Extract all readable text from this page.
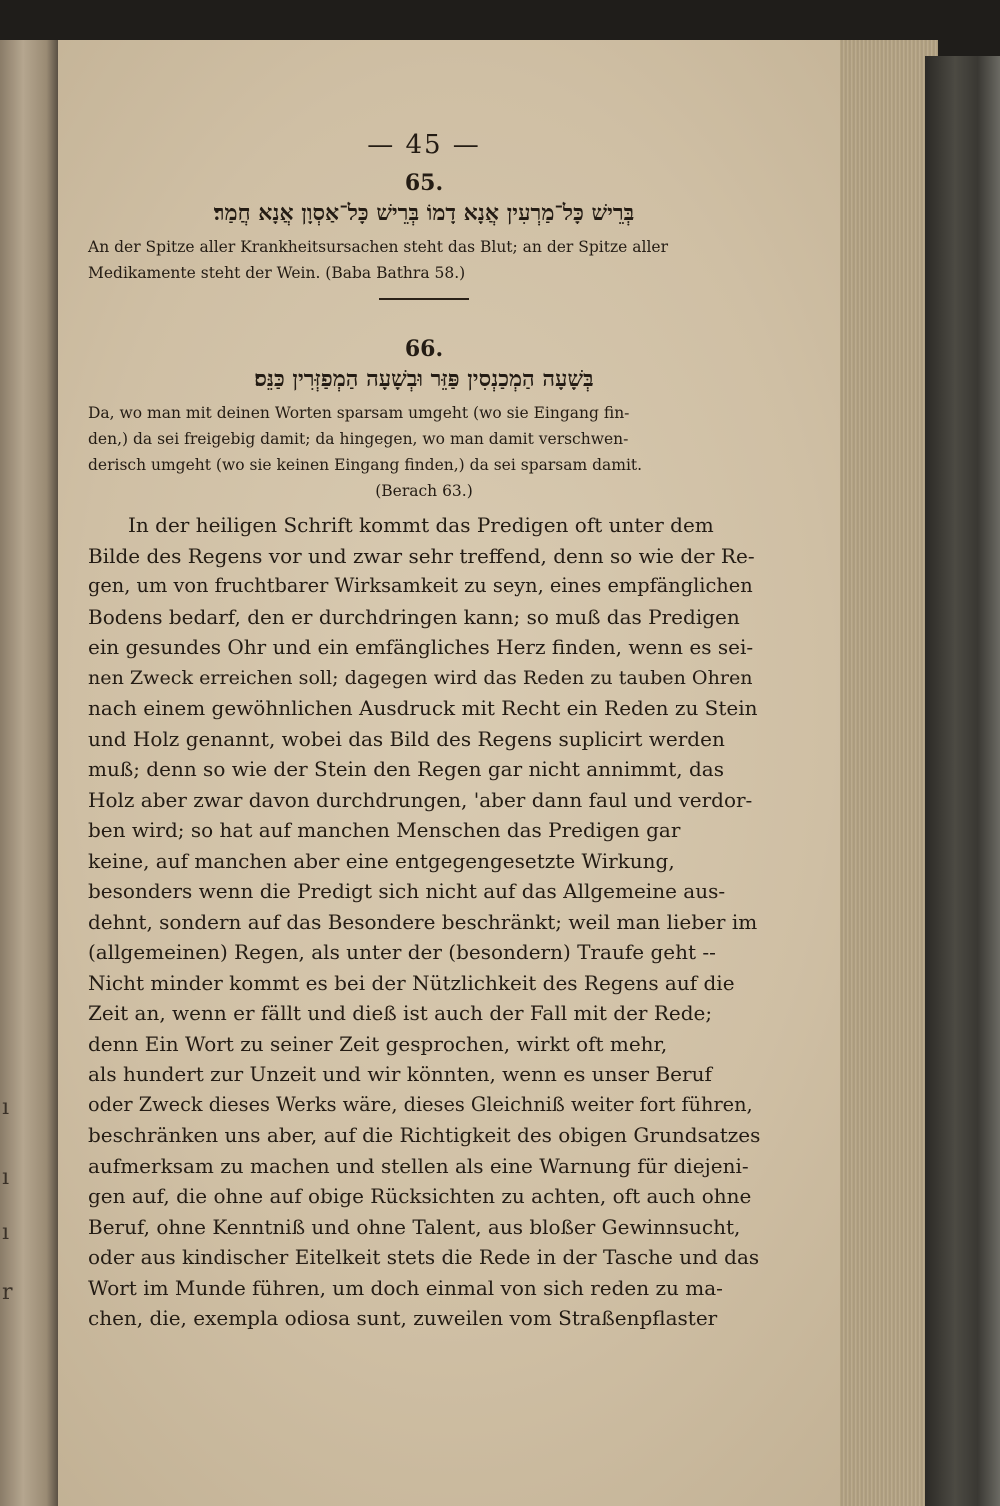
ı
ı
ı
r
— 45 —
65.
בְּרֵישׁ כָּל־מַרְעִין אֲנָא דָמוֹ בְּרֵישׁ כָּל־אַסְוָן אֲנָא חֲמַר׃
An der Spitze aller Krankheitsursachen steht das Blut; an der Spitze aller
Medikamente steht der Wein. (Baba Bathra 58.)
66.
בְּשָׁעָה הַמְכַנְסִין פַּזֵּר וּבְשָׁעָה הַמְפַזְּרִין כַּנֵּס׃
Da, wo man mit deinen Worten sparsam umgeht (wo sie Eingang fin-
den,) da sei freigebig damit; da hingegen, wo man damit verschwen-
derisch umgeht (wo sie keinen Eingang finden,) da sei sparsam damit.
(Berach 63.)
In der heiligen Schrift kommt das Predigen oft unter dem
Bilde des Regens vor und zwar sehr treffend, denn so wie der Re-
gen, um von fruchtbarer Wirksamkeit zu seyn, eines empfänglichen
Bodens bedarf, den er durchdringen kann; so muß das Predigen
ein gesundes Ohr und ein emfängliches Herz finden, wenn es sei-
nen Zweck erreichen soll; dagegen wird das Reden zu tauben Ohren
nach einem gewöhnlichen Ausdruck mit Recht ein Reden zu Stein
und Holz genannt, wobei das Bild des Regens suplicirt werden
muß; denn so wie der Stein den Regen gar nicht annimmt, das
Holz aber zwar davon durchdrungen, 'aber dann faul und verdor-
ben wird; so hat auf manchen Menschen das Predigen gar
keine, auf manchen aber eine entgegengesetzte Wirkung,
besonders wenn die Predigt sich nicht auf das Allgemeine aus-
dehnt, sondern auf das Besondere beschränkt; weil man lieber im
(allgemeinen) Regen, als unter der (besondern) Traufe geht --
Nicht minder kommt es bei der Nützlichkeit des Regens auf die
Zeit an, wenn er fällt und dieß ist auch der Fall mit der Rede;
denn Ein Wort zu seiner Zeit gesprochen, wirkt oft mehr,
als hundert zur Unzeit und wir könnten, wenn es unser Beruf
oder Zweck dieses Werks wäre, dieses Gleichniß weiter fort führen,
beschränken uns aber, auf die Richtigkeit des obigen Grundsatzes
aufmerksam zu machen und stellen als eine Warnung für diejeni-
gen auf, die ohne auf obige Rücksichten zu achten, oft auch ohne
Beruf, ohne Kenntniß und ohne Talent, aus bloßer Gewinnsucht,
oder aus kindischer Eitelkeit stets die Rede in der Tasche und das
Wort im Munde führen, um doch einmal von sich reden zu ma-
chen, die, exempla odiosa sunt, zuweilen vom Straßenpflaster
